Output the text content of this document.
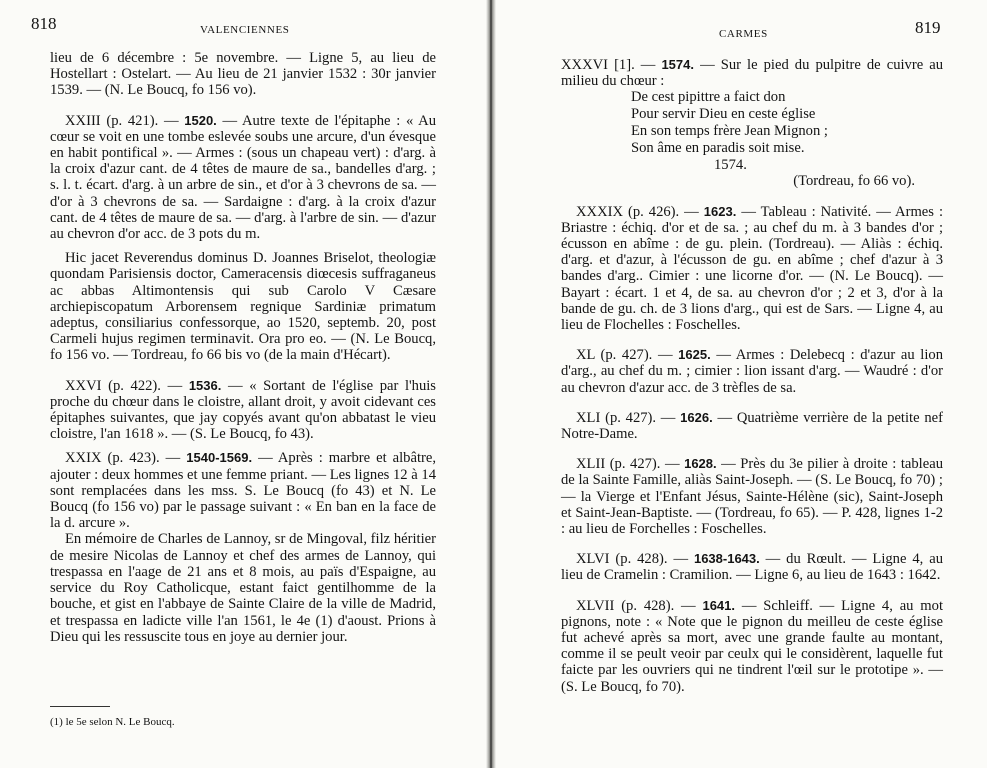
818	VALENCIENNES

lieu de 6 décembre : 5e novembre. — Ligne 5, au lieu de Hostellart : Ostelart. — Au lieu de 21 janvier 1532 : 30r janvier 1539. — (N. Le Boucq, fo 156 vo).

XXIII (p. 421). — 1520. — Autre texte de l'épitaphe : « Au cœur se voit en une tombe eslevée soubs une arcure, d'un évesque en habit pontifical ». — Armes : (sous un chapeau vert) : d'arg. à la croix d'azur cant. de 4 têtes de maure de sa., bandelles d'arg. ; s. l. t. écart. d'arg. à un arbre de sin., et d'or à 3 chevrons de sa. — d'or à 3 chevrons de sa. — Sardaigne : d'arg. à la croix d'azur cant. de 4 têtes de maure de sa. — d'arg. à l'arbre de sin. — d'azur au chevron d'or acc. de 3 pots du m.

Hic jacet Reverendus dominus D. Joannes Briselot, theologiæ quondam Parisiensis doctor, Cameracensis diœcesis suffraganeus ac abbas Altimontensis qui sub Carolo V Cæsare archiepiscopatum Arborensem regnique Sardiniæ primatum adeptus, consiliarius confessorque, ao 1520, septemb. 20, post Carmeli hujus regimen terminavit. Ora pro eo. — (N. Le Boucq, fo 156 vo. — Tordreau, fo 66 bis vo (de la main d'Hécart).

XXVI (p. 422). — 1536. — « Sortant de l'église par l'huis proche du chœur dans le cloistre, allant droit, y avoit cidevant ces épitaphes suivantes, que jay copyés avant qu'on abbatast le vieu cloistre, l'an 1618 ». — (S. Le Boucq, fo 43).

XXIX (p. 423). — 1540-1569. — Après : marbre et albâtre, ajouter : deux hommes et une femme priant. — Les lignes 12 à 14 sont remplacées dans les mss. S. Le Boucq (fo 43) et N. Le Boucq (fo 156 vo) par le passage suivant : « En ban en la face de la d. arcure ».

En mémoire de Charles de Lannoy, sr de Mingoval, filz héritier de mesire Nicolas de Lannoy et chef des armes de Lannoy, qui trespassa en l'aage de 21 ans et 8 mois, au païs d'Espaigne, au service du Roy Catholicque, estant faict gentilhomme de la bouche, et gist en l'abbaye de Sainte Claire de la ville de Madrid, et trespassa en ladicte ville l'an 1561, le 4e (1) d'aoust. Prions à Dieu qui les ressuscite tous en joye au dernier jour.

(1) le 5e selon N. Le Boucq.
CARMES	819

XXXVI [1]. — 1574. — Sur le pied du pulpitre de cuivre au milieu du chœur :

De cest pipittre a faict don
Pour servir Dieu en ceste église
En son temps frère Jean Mignon ;
Son âme en paradis soit mise.
1574.

(Tordreau, fo 66 vo).

XXXIX (p. 426). — 1623. — Tableau : Nativité. — Armes : Briastre : échiq. d'or et de sa. ; au chef du m. à 3 bandes d'or ; écusson en abîme : de gu. plein. (Tordreau). — Aliàs : échiq. d'arg. et d'azur, à l'écusson de gu. en abîme ; chef d'azur à 3 bandes d'arg.. Cimier : une licorne d'or. — (N. Le Boucq). — Bayart : écart. 1 et 4, de sa. au chevron d'or ; 2 et 3, d'or à la bande de gu. ch. de 3 lions d'arg., qui est de Sars. — Ligne 4, au lieu de Flochelles : Foschelles.

XL (p. 427). — 1625. — Armes : Delebecq : d'azur au lion d'arg., au chef du m. ; cimier : lion issant d'arg. — Waudré : d'or au chevron d'azur acc. de 3 trèfles de sa.

XLI (p. 427). — 1626. — Quatrième verrière de la petite nef Notre-Dame.

XLII (p. 427). — 1628. — Près du 3e pilier à droite : tableau de la Sainte Famille, aliàs Saint-Joseph. — (S. Le Boucq, fo 70) ; — la Vierge et l'Enfant Jésus, Sainte-Hélène (sic), Saint-Joseph et Saint-Jean-Baptiste. — (Tordreau, fo 65). — P. 428, lignes 1-2 : au lieu de Forchelles : Foschelles.

XLVI (p. 428). — 1638-1643. — du Rœult. — Ligne 4, au lieu de Cramelin : Cramilion. — Ligne 6, au lieu de 1643 : 1642.

XLVII (p. 428). — 1641. — Schleiff. — Ligne 4, au mot pignons, note : « Note que le pignon du meilleu de ceste église fut achevé après sa mort, avec une grande faulte au montant, comme il se peult veoir par ceulx qui le considèrent, laquelle fut faicte par les ouvriers qui ne tindrent l'œil sur le prototipe ». — (S. Le Boucq, fo 70).
